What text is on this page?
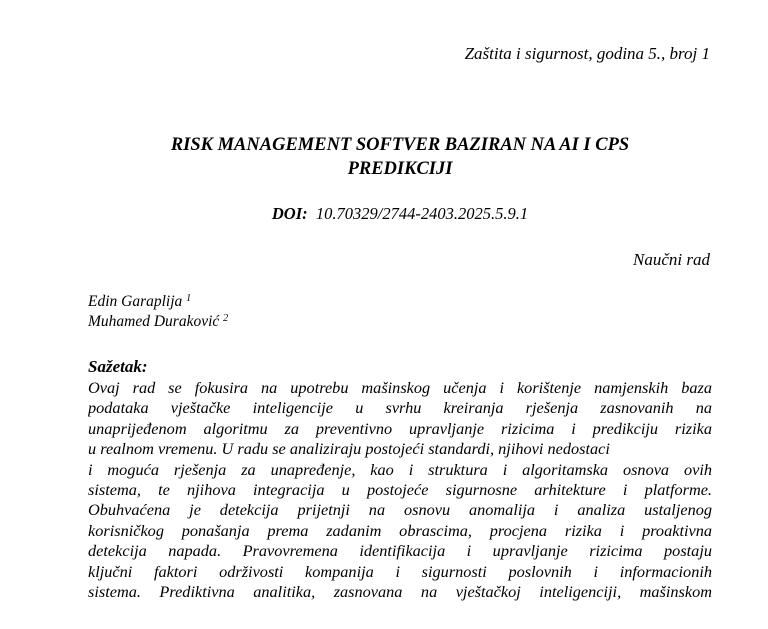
Zaštita i sigurnost, godina 5., broj 1
RISK MANAGEMENT SOFTVER BAZIRAN NA AI I CPS
PREDIKCIJI
DOI: 10.70329/2744-2403.2025.5.9.1
Naučni rad
Edin Garaplija $^1$
Muhamed Duraković $^2$
Sažetak:
Ovaj rad se fokusira na upotrebu mašinskog učenja i korištenje namjenskih baza
podataka vještačke inteligencije u svrhu kreiranja rješenja zasnovanih na
unaprijeđenom algoritmu za preventivno upravljanje rizicima i predikciju rizika
u realnom vremenu. U radu se analiziraju postojeći standardi, njihovi nedostaci
i moguća rješenja za unapređenje, kao i struktura i algoritamska osnova ovih
sistema, te njihova integracija u postojeće sigurnosne arhitekture i platforme.
Obuhvaćena je detekcija prijetnji na osnovu anomalija i analiza ustaljenog
korisničkog ponašanja prema zadanim obrascima, procjena rizika i proaktivna
detekcija napada. Pravovremena identifikacija i upravljanje rizicima postaju
ključni faktori održivosti kompanija i sigurnosti poslovnih i informacionih
sistema. Prediktivna analitika, zasnovana na vještačkoj inteligenciji, mašinskom
